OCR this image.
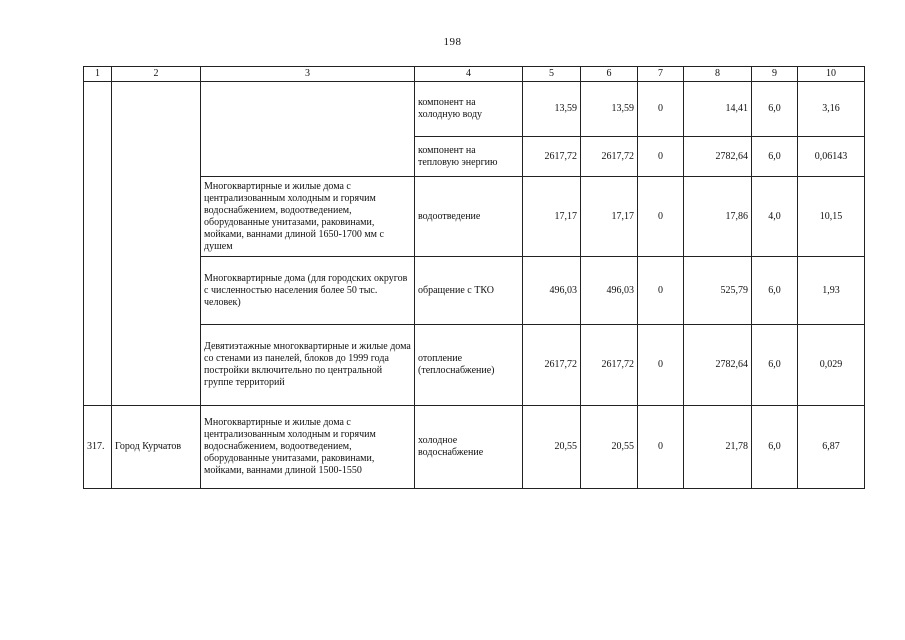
198
1	2	3	4	5	6	7	8	9	10
			компонент на холодную воду	13,59	13,59	0	14,41	6,0	3,16
			компонент на тепловую энергию	2617,72	2617,72	0	2782,64	6,0	0,06143
		Многоквартирные и жилые дома с централизованным холодным и горячим водоснабжением, водоотведением, оборудованные унитазами, раковинами, мойками, ваннами длиной 1650-1700 мм с душем	водоотведение	17,17	17,17	0	17,86	4,0	10,15
		Многоквартирные дома (для городских округов с численностью населения более 50 тыс. человек)	обращение с ТКО	496,03	496,03	0	525,79	6,0	1,93
		Девятиэтажные многоквартирные и жилые дома со стенами из панелей, блоков до 1999 года постройки включительно по центральной группе территорий	отопление (теплоснабжение)	2617,72	2617,72	0	2782,64	6,0	0,029
317.	Город Курчатов	Многоквартирные и жилые дома с централизованным холодным и горячим водоснабжением, водоотведением, оборудованные унитазами, раковинами, мойками, ваннами длиной 1500-1550	холодное водоснабжение	20,55	20,55	0	21,78	6,0	6,87
